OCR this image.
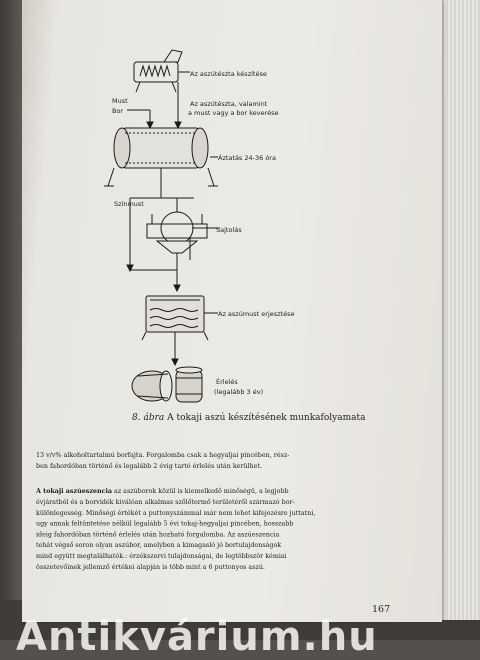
Az aszútészta készítése
Must
Bor
Az aszútészta, valamint
a must vagy a bor keverése
Áztatás 24-36 óra
Színmust
Sajtolás
Az aszúmust erjesztése
Érlelés
(legalább 3 év)
8. ábra A tokaji aszú készítésének munkafolyamata
13 v/v% alkoholtartalmú borfajta. Forgalomba csak a hegyaljai pincében, rész-
ben fahordóban történő és legalább 2 évig tartó érlelés után kerülhet.
A tokaji aszúeszencia az aszúborok közül is kiemelkedő minőségű, a legjobb
évjáratból és a borvidék kiválóan alkalmas szőlőtermő területéről származó bor-
különlegesség. Minőségi értékét a puttonyszámmal már nem lehet kifejezésre juttatni,
ugy annak feltüntetése nélkül legalább 5 évi tokaj-hegyaljai pincében, hosszabb
ideig fahordóban történő érlelés után hozható forgalomba. Az aszúeszencia
tehát végső soron olyan aszúbor, amelyben a kimagasló jó bortulajdonságok
mind együtt megtalálhatók.: érzékszervi tulajdonságai, de legtöbbször kémiai
összetevőinek jellemző értékei alapján is több mint a 6 puttonyos aszú.
167
Antikvárium.hu
